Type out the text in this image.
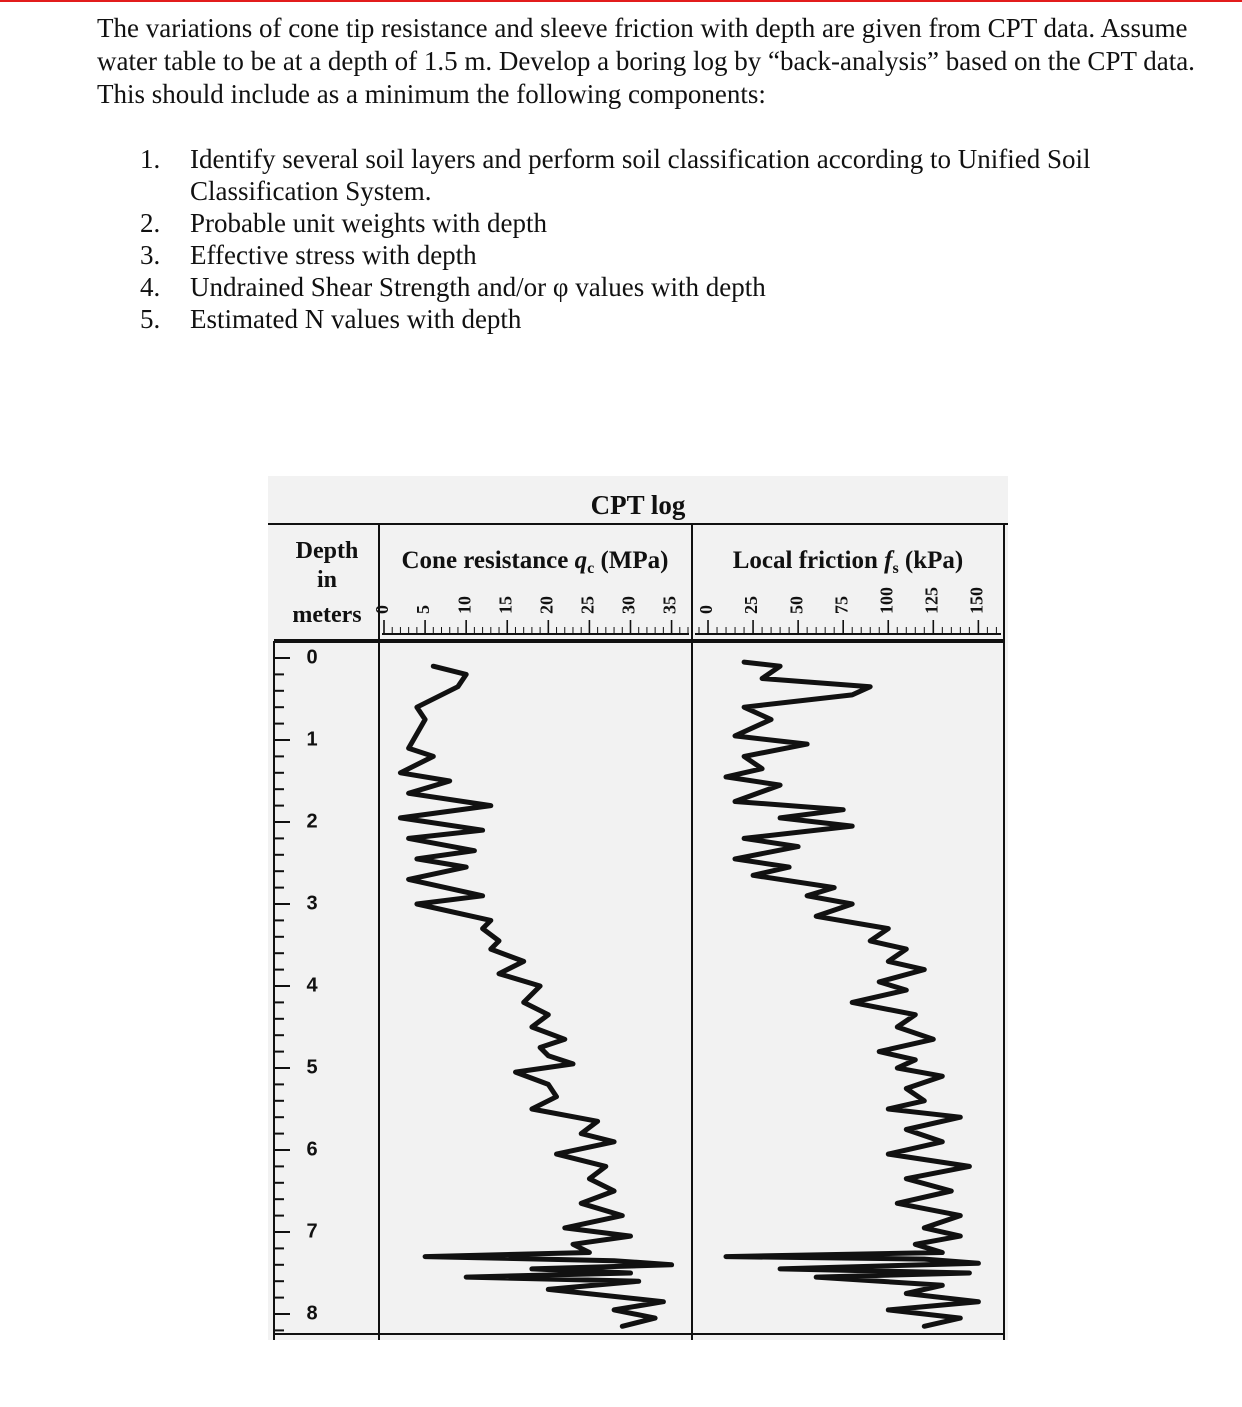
The variations of cone tip resistance and sleeve friction with depth are given from CPT data. Assume water table to be at a depth of 1.5 m. Develop a boring log by “back-analysis” based on the CPT data. This should include as a minimum the following components:

1.	Identify several soil layers and perform soil classification according to Unified Soil Classification System.
2.	Probable unit weights with depth
3.	Effective stress with depth
4.	Undrained Shear Strength and/or φ values with depth
5.	Estimated N values with depth
CPT log
Depth
in
meters
Cone resistance $q_c$ (MPa)	Local friction $f_s$ (kPa)
0 5 10 15 20 25 30 35 0 25 50 75 100 125 150
0
1
2
3
4
5
6
7
8
